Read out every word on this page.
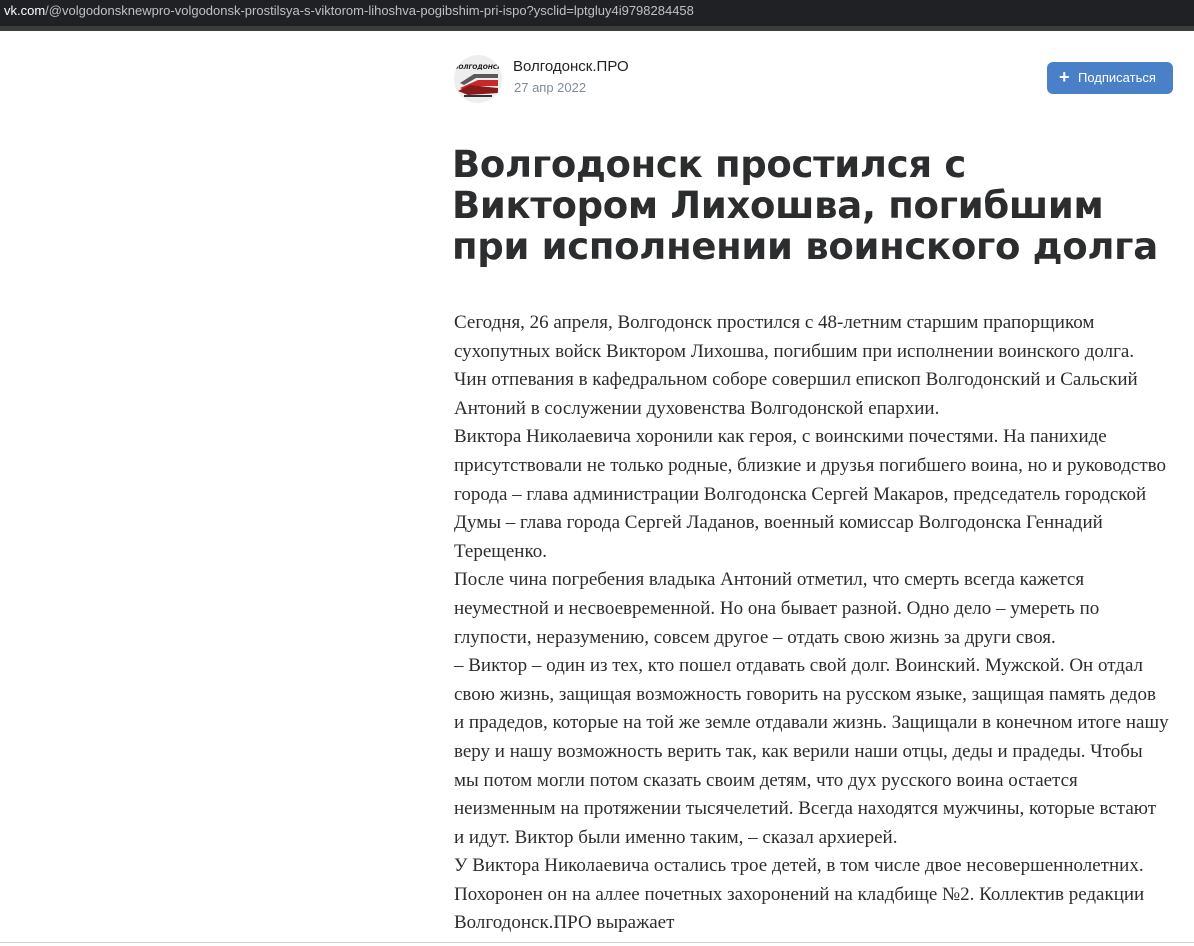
vk.com/@volgodonsknewpro-volgodonsk-prostilsya-s-viktorom-lihoshva-pogibshim-pri-ispo?ysclid=lptgluy4i9798284458
ВОЛГОДОНСК Волгодонск.ПРО
27 апр 2022
+ Подписаться
Волгодонск простился с Виктором Лихошва, погибшим при исполнении воинского долга

Сегодня, 26 апреля, Волгодонск простился с 48-летним старшим прапорщиком сухопутных войск Виктором Лихошва, погибшим при исполнении воинского долга. Чин отпевания в кафедральном соборе совершил епископ Волгодонский и Сальский Антоний в сослужении духовенства Волгодонской епархии.

Виктора Николаевича хоронили как героя, с воинскими почестями. На панихиде присутствовали не только родные, близкие и друзья погибшего воина, но и руководство города – глава администрации Волгодонска Сергей Макаров, председатель городской Думы – глава города Сергей Ладанов, военный комиссар Волгодонска Геннадий Терещенко.

После чина погребения владыка Антоний отметил, что смерть всегда кажется неуместной и несвоевременной. Но она бывает разной. Одно дело – умереть по глупости, неразумению, совсем другое – отдать свою жизнь за други своя.

– Виктор – один из тех, кто пошел отдавать свой долг. Воинский. Мужской. Он отдал свою жизнь, защищая возможность говорить на русском языке, защищая память дедов и прадедов, которые на той же земле отдавали жизнь. Защищали в конечном итоге нашу веру и нашу возможность верить так, как верили наши отцы, деды и прадеды. Чтобы мы потом могли потом сказать своим детям, что дух русского воина остается неизменным на протяжении тысячелетий. Всегда находятся мужчины, которые встают и идут. Виктор были именно таким, – сказал архиерей.

У Виктора Николаевича остались трое детей, в том числе двое несовершеннолетних. Похоронен он на аллее почетных захоронений на кладбище №2. Коллектив редакции Волгодонск.ПРО выражает
